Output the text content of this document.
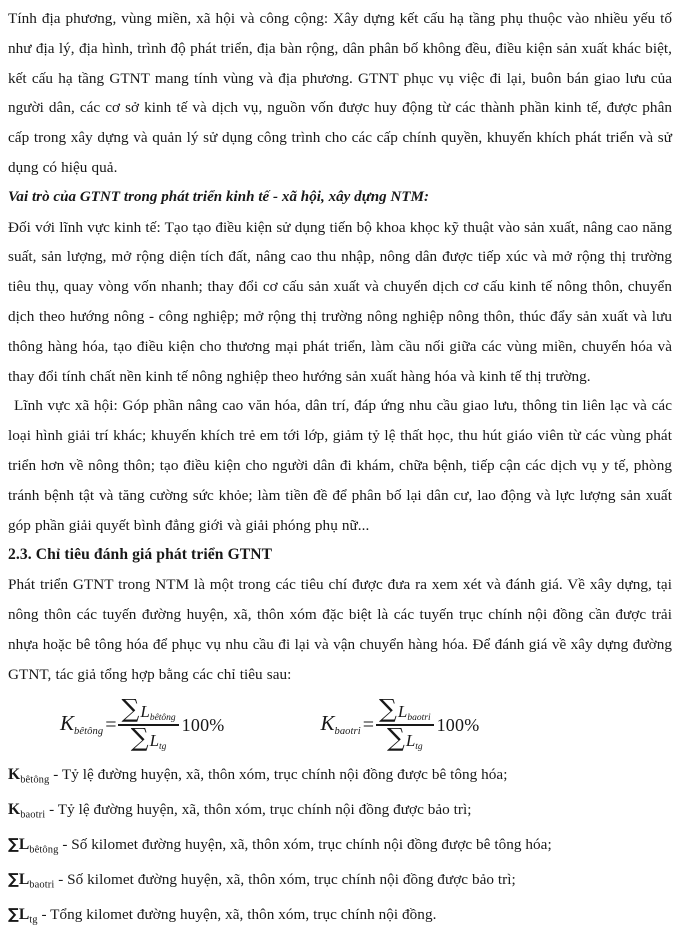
Tính địa phương, vùng miền, xã hội và công cộng: Xây dựng kết cấu hạ tầng phụ thuộc vào nhiều yếu tố như địa lý, địa hình, trình độ phát triển, địa bàn rộng, dân phân bố không đều, điều kiện sản xuất khác biệt, kết cấu hạ tầng GTNT mang tính vùng và địa phương. GTNT phục vụ việc đi lại, buôn bán giao lưu của người dân, các cơ sở kinh tế và dịch vụ, nguồn vốn được huy động từ các thành phần kinh tế, được phân cấp trong xây dựng và quản lý sử dụng công trình cho các cấp chính quyền, khuyến khích phát triển và sử dụng có hiệu quả.

Vai trò của GTNT trong phát triển kinh tế - xã hội, xây dựng NTM:

Đối với lĩnh vực kinh tế: Tạo tạo điều kiện sử dụng tiến bộ khoa khọc kỹ thuật vào sản xuất, nâng cao năng suất, sản lượng, mở rộng diện tích đất, nâng cao thu nhập, nông dân được tiếp xúc và mở rộng thị trường tiêu thụ, quay vòng vốn nhanh; thay đổi cơ cấu sản xuất và chuyển dịch cơ cấu kinh tế nông thôn, chuyển dịch theo hướng nông - công nghiệp; mở rộng thị trường nông nghiệp nông thôn, thúc đẩy sản xuất và lưu thông hàng hóa, tạo điều kiện cho thương mại phát triển, làm cầu nối giữa các vùng miền, chuyển hóa và thay đổi tính chất nền kinh tế nông nghiệp theo hướng sản xuất hàng hóa và kinh tế thị trường.

Lĩnh vực xã hội: Góp phần nâng cao văn hóa, dân trí, đáp ứng nhu cầu giao lưu, thông tin liên lạc và các loại hình giải trí khác; khuyến khích trẻ em tới lớp, giảm tỷ lệ thất học, thu hút giáo viên từ các vùng phát triển hơn về nông thôn; tạo điều kiện cho người dân đi khám, chữa bệnh, tiếp cận các dịch vụ y tế, phòng tránh bệnh tật và tăng cường sức khỏe; làm tiền đề để phân bố lại dân cư, lao động và lực lượng sản xuất góp phần giải quyết bình đẳng giới và giải phóng phụ nữ...

2.3. Chỉ tiêu đánh giá phát triển GTNT

Phát triển GTNT trong NTM là một trong các tiêu chí được đưa ra xem xét và đánh giá. Về xây dựng, tại nông thôn các tuyến đường huyện, xã, thôn xóm đặc biệt là các tuyến trục chính nội đồng cần được trải nhựa hoặc bê tông hóa để phục vụ nhu cầu đi lại và vận chuyển hàng hóa. Để đánh giá về xây dựng đường GTNT, tác giả tổng hợp bằng các chỉ tiêu sau:

$K_{bêtông} = \frac{\sum L_{bêtông}}{\sum L_{tg}} 100\%$	$K_{baotri} = \frac{\sum L_{baotri}}{\sum L_{tg}} 100\%$
$K_{bêtông}$ - Tỷ lệ đường huyện, xã, thôn xóm, trục chính nội đồng được bê tông hóa;
$K_{baotri}$ - Tỷ lệ đường huyện, xã, thôn xóm, trục chính nội đồng được bảo trì;
$\sum L_{bêtông}$ - Số kilomet đường huyện, xã, thôn xóm, trục chính nội đồng được bê tông hóa;
$\sum L_{baotri}$ - Số kilomet đường huyện, xã, thôn xóm, trục chính nội đồng được bảo trì;
$\sum L_{tg}$ - Tổng kilomet đường huyện, xã, thôn xóm, trục chính nội đồng.
